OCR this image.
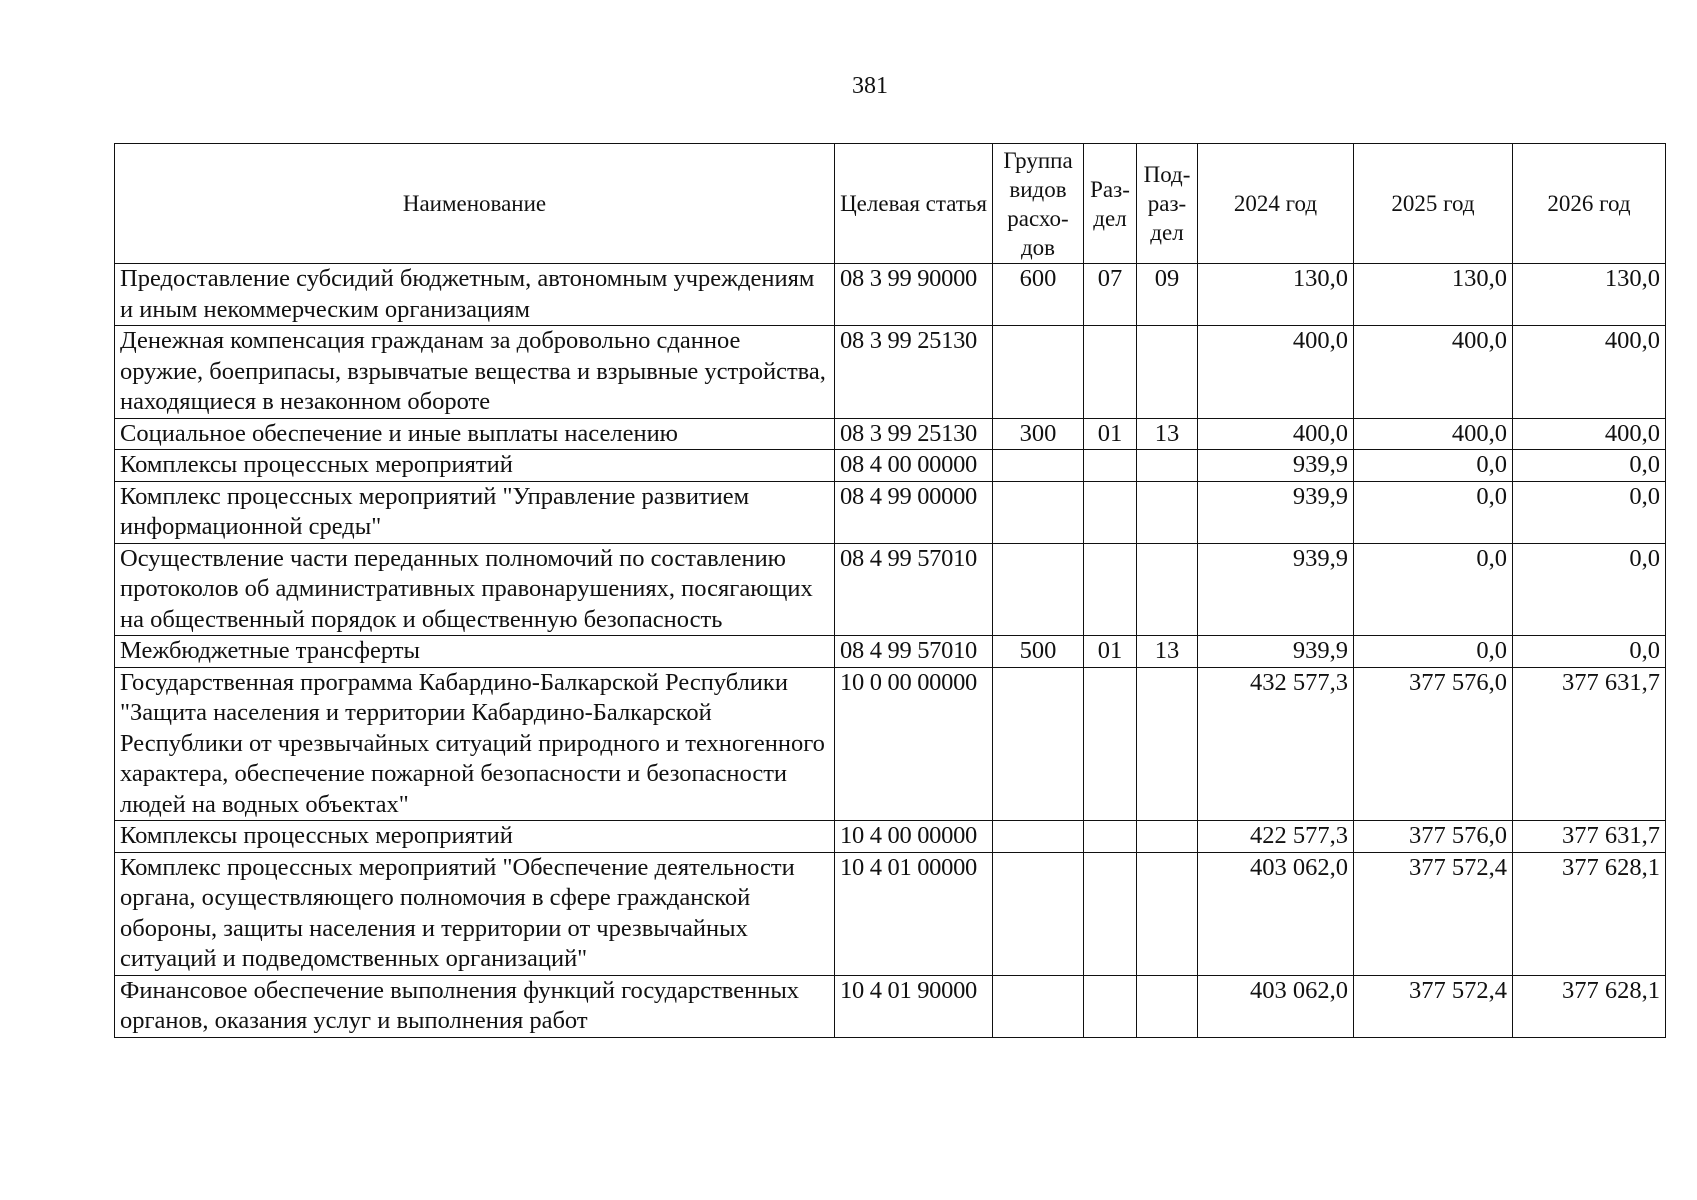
381
Наименование	Целевая статья	Группа видов расхо-дов	Раз-дел	Под-раз-дел	2024 год	2025 год	2026 год
Предоставление субсидий бюджетным, автономным учреждениям и иным некоммерческим организациям	08 3 99 90000	600	07	09	130,0	130,0	130,0
Денежная компенсация гражданам за добровольно сданное оружие, боеприпасы, взрывчатые вещества и взрывные устройства, находящиеся в незаконном обороте	08 3 99 25130				400,0	400,0	400,0
Социальное обеспечение и иные выплаты населению	08 3 99 25130	300	01	13	400,0	400,0	400,0
Комплексы процессных мероприятий	08 4 00 00000				939,9	0,0	0,0
Комплекс процессных мероприятий "Управление развитием информационной среды"	08 4 99 00000				939,9	0,0	0,0
Осуществление части переданных полномочий по составлению протоколов об административных правонарушениях, посягающих на общественный порядок и общественную безопасность	08 4 99 57010				939,9	0,0	0,0
Межбюджетные трансферты	08 4 99 57010	500	01	13	939,9	0,0	0,0
Государственная программа Кабардино-Балкарской Республики "Защита населения и территории Кабардино-Балкарской Республики от чрезвычайных ситуаций природного и техногенного характера, обеспечение пожарной безопасности и безопасности людей на водных объектах"	10 0 00 00000				432 577,3	377 576,0	377 631,7
Комплексы процессных мероприятий	10 4 00 00000				422 577,3	377 576,0	377 631,7
Комплекс процессных мероприятий "Обеспечение деятельности органа, осуществляющего полномочия в сфере гражданской обороны, защиты населения и территории от чрезвычайных ситуаций и подведомственных организаций"	10 4 01 00000				403 062,0	377 572,4	377 628,1
Финансовое обеспечение выполнения функций государственных органов, оказания услуг и выполнения работ	10 4 01 90000				403 062,0	377 572,4	377 628,1
